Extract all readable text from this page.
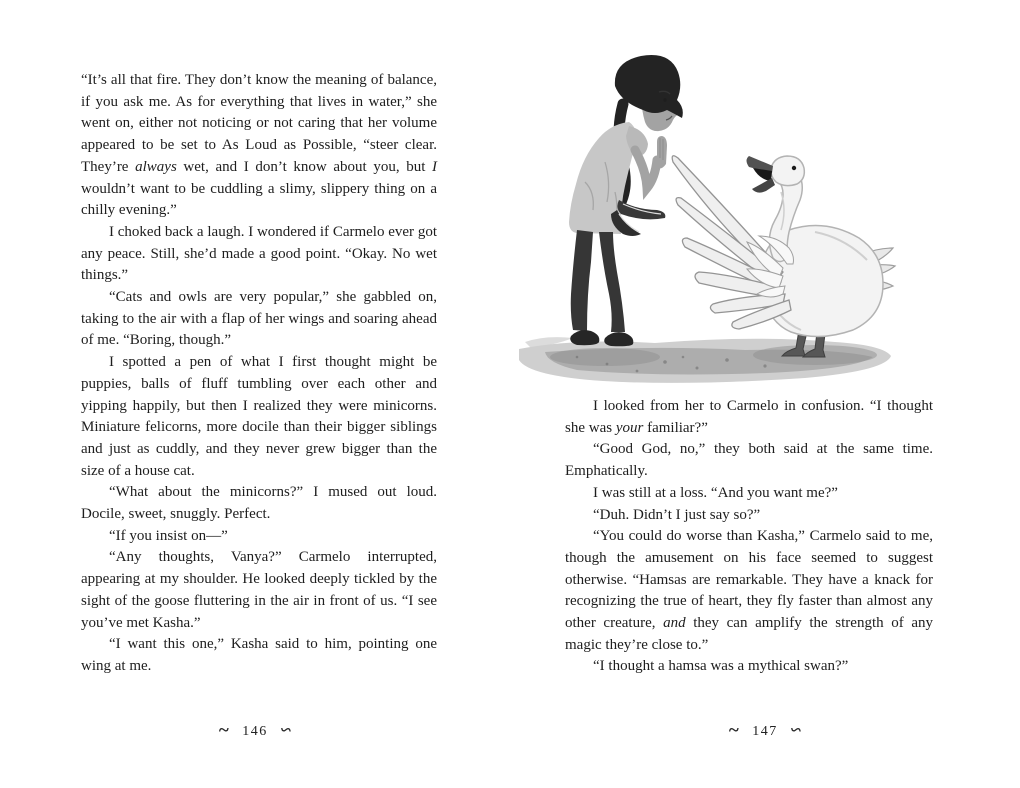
“It’s all that fire. They don’t know the meaning of balance, if you ask me. As for everything that lives in water,” she went on, either not noticing or not caring that her volume appeared to be set to As Loud as Possible, “steer clear. They’re always wet, and I don’t know about you, but I wouldn’t want to be cuddling a slimy, slippery thing on a chilly evening.”

I choked back a laugh. I wondered if Carmelo ever got any peace. Still, she’d made a good point. “Okay. No wet things.”

“Cats and owls are very popular,” she gabbled on, taking to the air with a flap of her wings and soaring ahead of me. “Boring, though.”

I spotted a pen of what I first thought might be puppies, balls of fluff tumbling over each other and yipping happily, but then I realized they were minicorns. Miniature felicorns, more docile than their bigger siblings and just as cuddly, and they never grew bigger than the size of a house cat.

“What about the minicorns?” I mused out loud. Docile, sweet, snuggly. Perfect.

“If you insist on—”

“Any thoughts, Vanya?” Carmelo interrupted, appearing at my shoulder. He looked deeply tickled by the sight of the goose fluttering in the air in front of us. “I see you’ve met Kasha.”

“I want this one,” Kasha said to him, pointing one wing at me.

~ 146 ~

I looked from her to Carmelo in confusion. “I thought she was your familiar?”

“Good God, no,” they both said at the same time. Emphatically.

I was still at a loss. “And you want me?”

“Duh. Didn’t I just say so?”

“You could do worse than Kasha,” Carmelo said to me, though the amusement on his face seemed to suggest otherwise. “Hamsas are remarkable. They have a knack for recognizing the true of heart, they fly faster than almost any other creature, and they can amplify the strength of any magic they’re close to.”

“I thought a hamsa was a mythical swan?”

~ 147 ~
